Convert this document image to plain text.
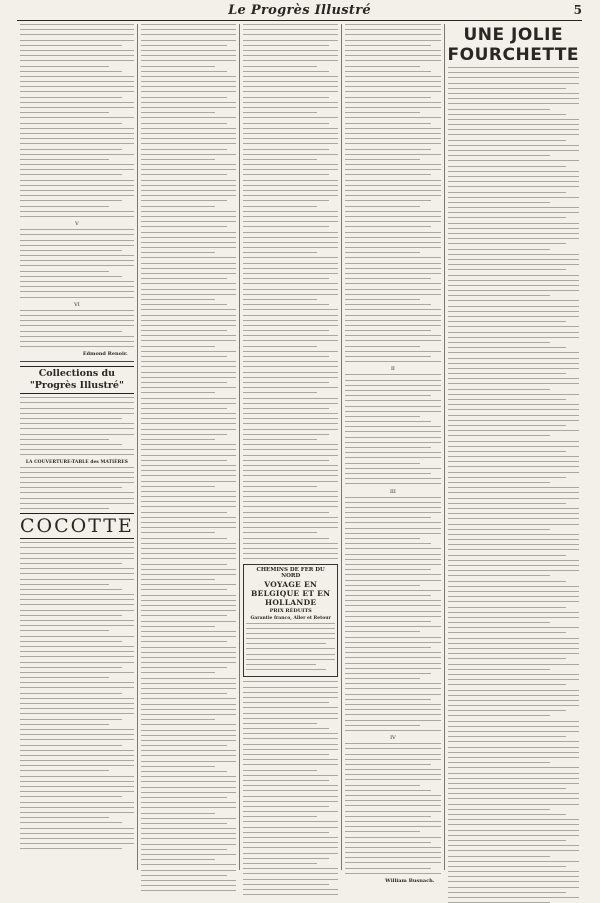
Le Progrès Illustré	5
V
VI
Edmond Renoir.
Collections du "Progrès Illustré"
LA COUVERTURE-TABLE des MATIÈRES
COCOTTE
CHEMINS DE FER DU NORD
VOYAGE EN BELGIQUE ET EN HOLLANDE
PRIX RÉDUITS
Garantie franco, Aller et Retour
II
III
IV
William Busnach.
UNE JOLIE FOURCHETTE
